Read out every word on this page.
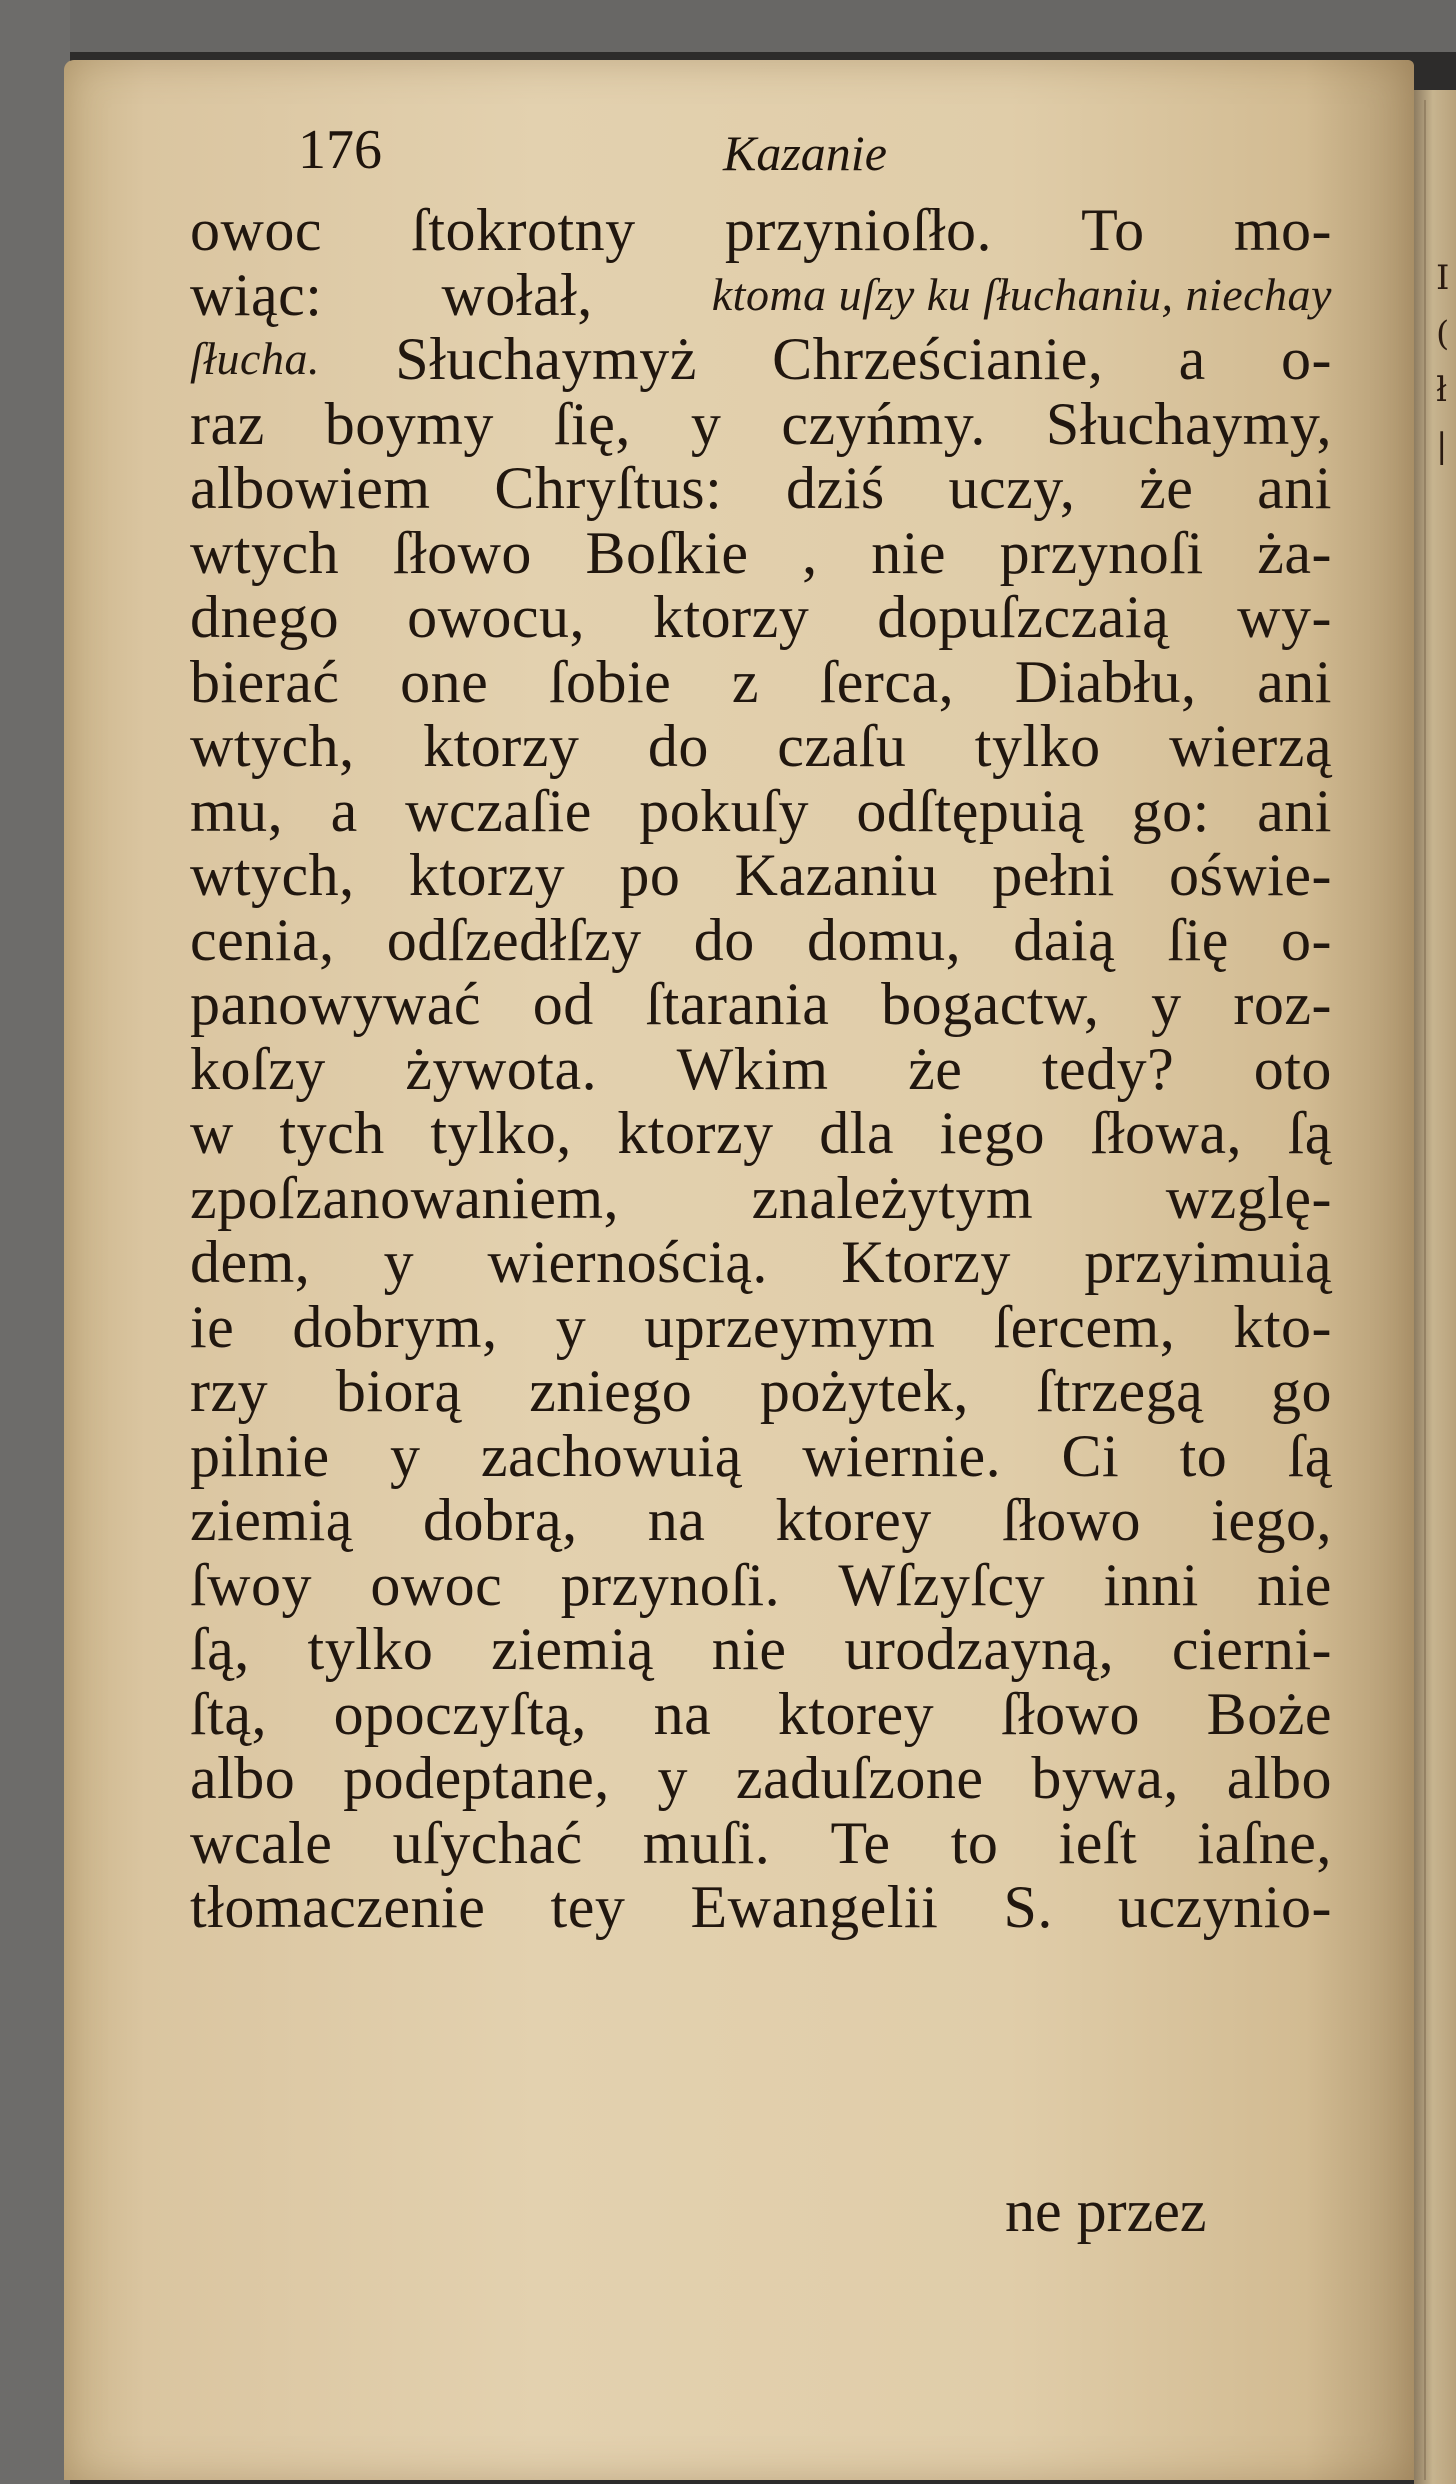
I ( ł |
176	Kazanie
owoc ſtokrotny przynioſło. To mo-
wiąc: wołał,	ktoma uſzy ku ſłuchaniu, niechay
ſłucha. Słuchaymyż Chrześcianie, a o-
raz boymy ſię, y czyńmy. Słuchaymy,
albowiem Chryſtus: dziś uczy, że ani
wtych ſłowo Boſkie , nie przynoſi ża-
dnego owocu, ktorzy dopuſzczaią wy-
bierać one ſobie z ſerca, Diabłu, ani
wtych, ktorzy do czaſu tylko wierzą
mu, a wczaſie pokuſy odſtępuią go: ani
wtych, ktorzy po Kazaniu pełni oświe-
cenia, odſzedłſzy do domu, daią ſię o-
panowywać od ſtarania bogactw, y roz-
koſzy żywota. Wkim że tedy? oto
w tych tylko, ktorzy dla iego ſłowa, ſą
zpoſzanowaniem, znależytym wzglę-
dem, y wiernością. Ktorzy przyimuią
ie dobrym, y uprzeymym ſercem, kto-
rzy biorą zniego pożytek, ſtrzegą go
pilnie y zachowuią wiernie. Ci to ſą
ziemią dobrą, na ktorey ſłowo iego,
ſwoy owoc przynoſi. Wſzyſcy inni nie
ſą, tylko ziemią nie urodzayną, cierni-
ſtą, opoczyſtą, na ktorey ſłowo Boże
albo podeptane, y zaduſzone bywa, albo
wcale uſychać muſi. Te to ieſt iaſne,
tłomaczenie tey Ewangelii S. uczynio-
ne przez
